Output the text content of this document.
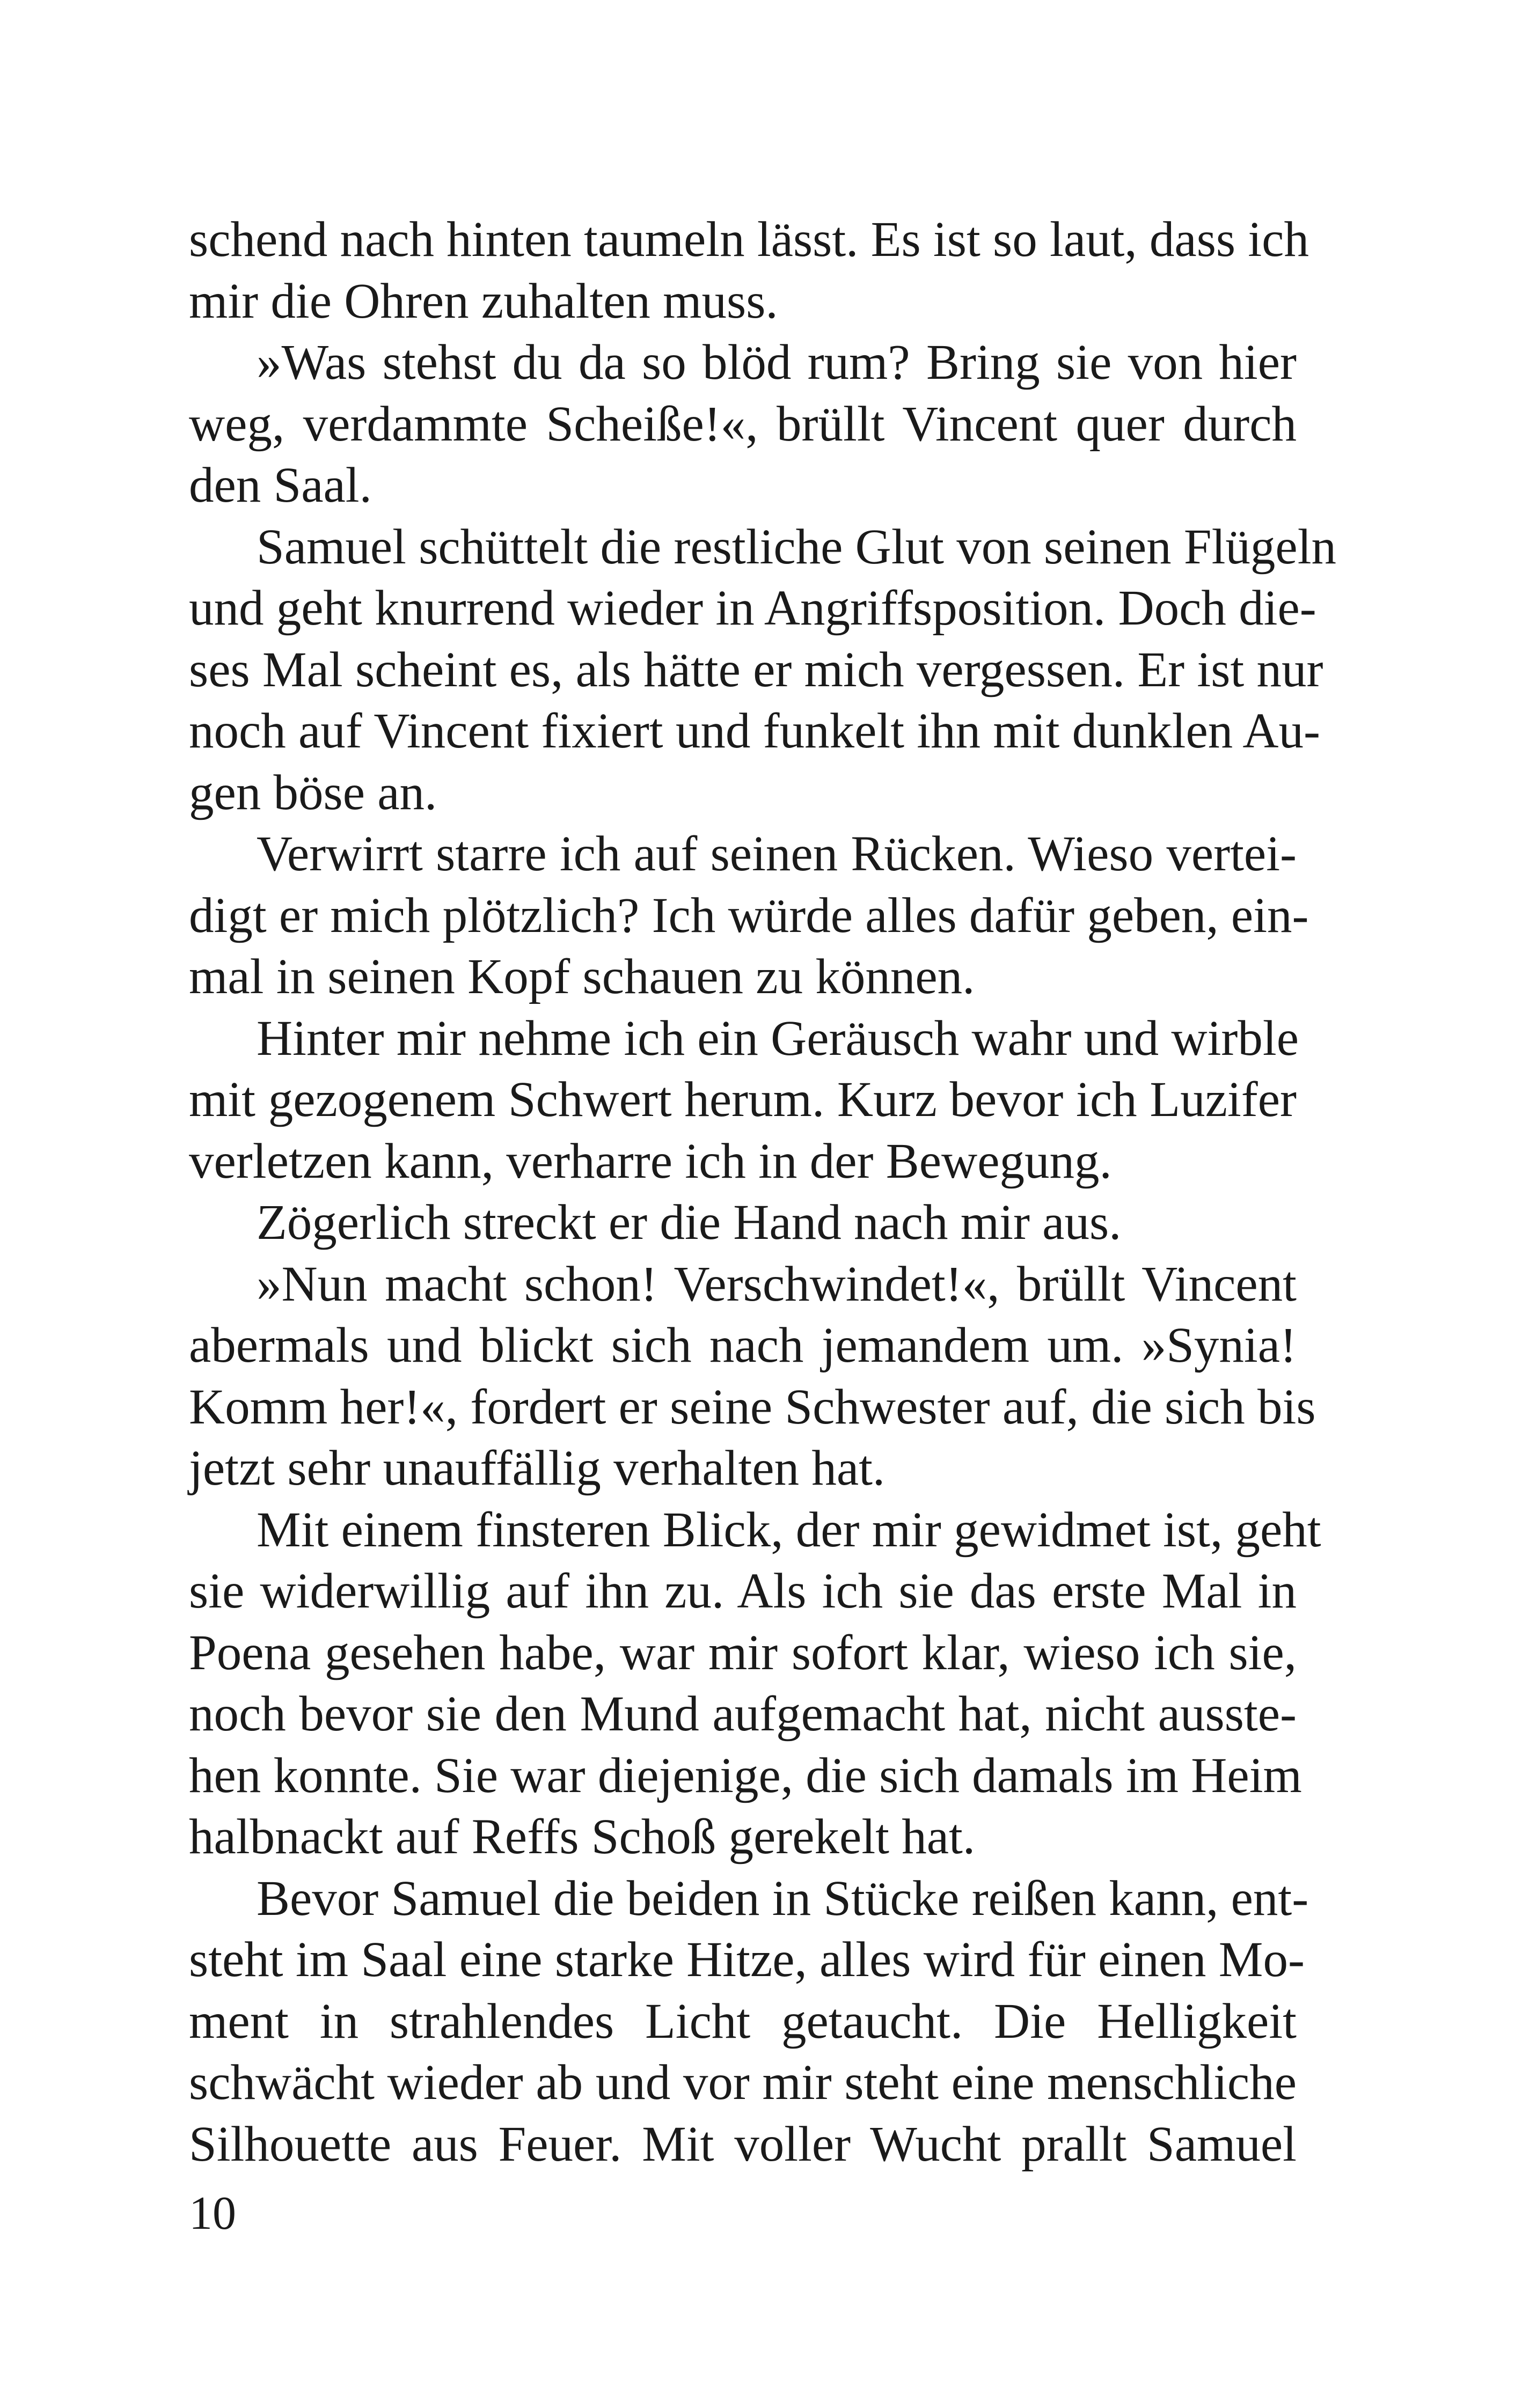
schend nach hinten taumeln lässt. Es ist so laut, dass ich
mir die Ohren zuhalten muss.
»Was stehst du da so blöd rum? Bring sie von hier
weg, verdammte Scheiße!«, brüllt Vincent quer durch
den Saal.
Samuel schüttelt die restliche Glut von seinen Flügeln
und geht knurrend wieder in Angriffsposition. Doch die-
ses Mal scheint es, als hätte er mich vergessen. Er ist nur
noch auf Vincent fixiert und funkelt ihn mit dunklen Au-
gen böse an.
Verwirrt starre ich auf seinen Rücken. Wieso vertei-
digt er mich plötzlich? Ich würde alles dafür geben, ein-
mal in seinen Kopf schauen zu können.
Hinter mir nehme ich ein Geräusch wahr und wirble
mit gezogenem Schwert herum. Kurz bevor ich Luzifer
verletzen kann, verharre ich in der Bewegung.
Zögerlich streckt er die Hand nach mir aus.
»Nun macht schon! Verschwindet!«, brüllt Vincent
abermals und blickt sich nach jemandem um. »Synia!
Komm her!«, fordert er seine Schwester auf, die sich bis
jetzt sehr unauffällig verhalten hat.
Mit einem finsteren Blick, der mir gewidmet ist, geht
sie widerwillig auf ihn zu. Als ich sie das erste Mal in
Poena gesehen habe, war mir sofort klar, wieso ich sie,
noch bevor sie den Mund aufgemacht hat, nicht ausste-
hen konnte. Sie war diejenige, die sich damals im Heim
halbnackt auf Reffs Schoß gerekelt hat.
Bevor Samuel die beiden in Stücke reißen kann, ent-
steht im Saal eine starke Hitze, alles wird für einen Mo-
ment in strahlendes Licht getaucht. Die Helligkeit
schwächt wieder ab und vor mir steht eine menschliche
Silhouette aus Feuer. Mit voller Wucht prallt Samuel
10
